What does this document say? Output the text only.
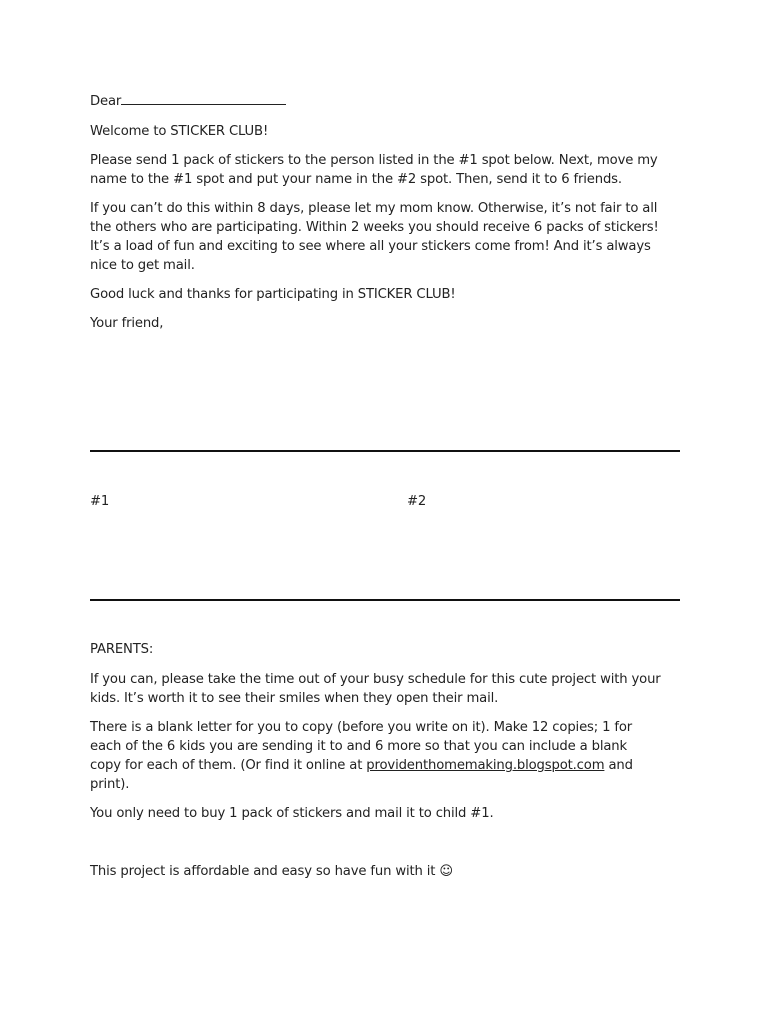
Dear

Welcome to STICKER CLUB!

Please send 1 pack of stickers to the person listed in the #1 spot below. Next, move my
name to the #1 spot and put your name in the #2 spot. Then, send it to 6 friends.
If you can’t do this within 8 days, please let my mom know. Otherwise, it’s not fair to all
the others who are participating. Within 2 weeks you should receive 6 packs of stickers!
It’s a load of fun and exciting to see where all your stickers come from! And it’s always
nice to get mail.

Good luck and thanks for participating in STICKER CLUB!

Your friend,

#1	#2

PARENTS:

If you can, please take the time out of your busy schedule for this cute project with your
kids. It’s worth it to see their smiles when they open their mail.
There is a blank letter for you to copy (before you write on it). Make 12 copies; 1 for
each of the 6 kids you are sending it to and 6 more so that you can include a blank
copy for each of them. (Or find it online at providenthomemaking.blogspot.com and
print).

You only need to buy 1 pack of stickers and mail it to child #1.

This project is affordable and easy so have fun with it ☺
